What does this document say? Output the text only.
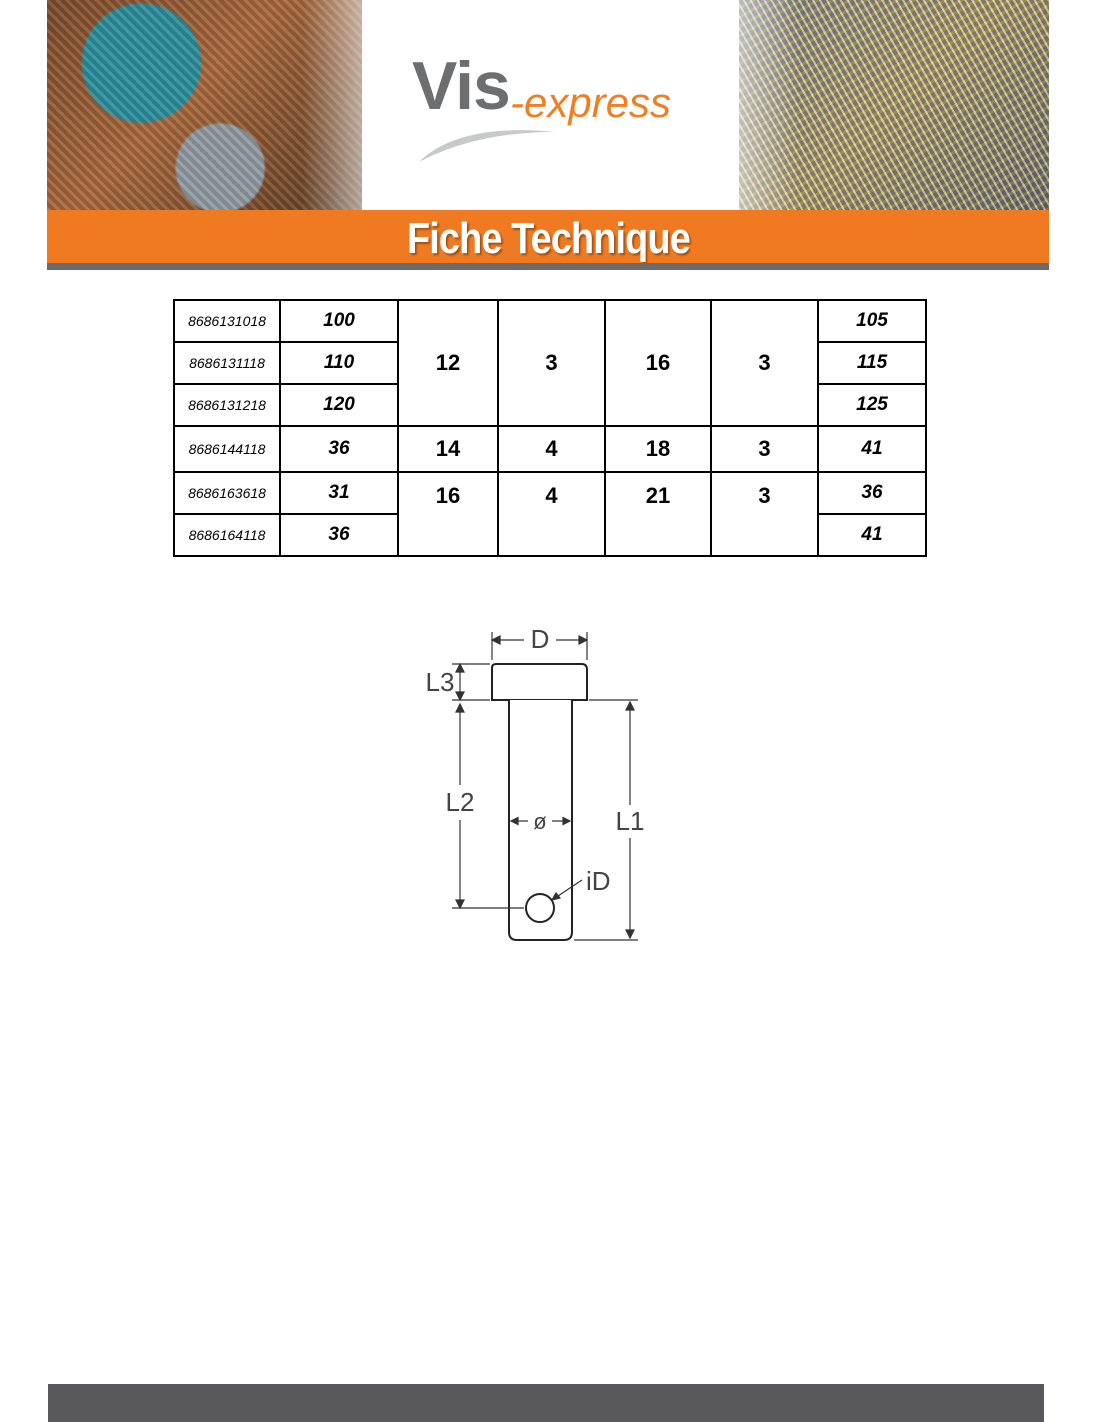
Vis -express
Fiche Technique
8686131018	100	12	3	16	3	105
8686131118	110					115
8686131218	120					125
8686144118	36	14	4	18	3	41
8686163618	31	16	4	21	3	36
8686164118	36					41
D
L3
L2
L1
ø
iD
